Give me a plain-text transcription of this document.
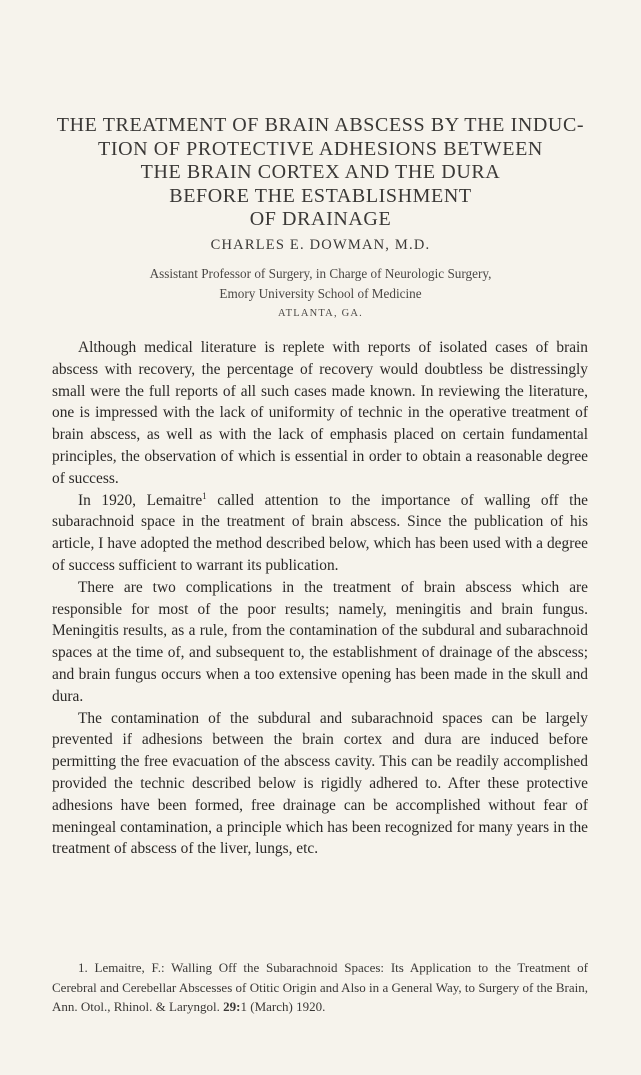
THE TREATMENT OF BRAIN ABSCESS BY THE INDUC-
TION OF PROTECTIVE ADHESIONS BETWEEN
THE BRAIN CORTEX AND THE DURA
BEFORE THE ESTABLISHMENT
OF DRAINAGE
CHARLES E. DOWMAN, M.D.
Assistant Professor of Surgery, in Charge of Neurologic Surgery,
Emory University School of Medicine
ATLANTA, GA.

Although medical literature is replete with reports of isolated cases of brain abscess with recovery, the percentage of recovery would doubtless be distressingly small were the full reports of all such cases made known. In reviewing the literature, one is impressed with the lack of uniformity of technic in the operative treatment of brain abscess, as well as with the lack of emphasis placed on certain fundamental principles, the observation of which is essential in order to obtain a reasonable degree of success.

In 1920, Lemaitre$^1$ called attention to the importance of walling off the subarachnoid space in the treatment of brain abscess. Since the publication of his article, I have adopted the method described below, which has been used with a degree of success sufficient to warrant its publication.

There are two complications in the treatment of brain abscess which are responsible for most of the poor results; namely, meningitis and brain fungus. Meningitis results, as a rule, from the contamination of the subdural and subarachnoid spaces at the time of, and subsequent to, the establishment of drainage of the abscess; and brain fungus occurs when a too extensive opening has been made in the skull and dura.

The contamination of the subdural and subarachnoid spaces can be largely prevented if adhesions between the brain cortex and dura are induced before permitting the free evacuation of the abscess cavity. This can be readily accomplished provided the technic described below is rigidly adhered to. After these protective adhesions have been formed, free drainage can be accomplished without fear of meningeal contamination, a principle which has been recognized for many years in the treatment of abscess of the liver, lungs, etc.

1. Lemaitre, F.: Walling Off the Subarachnoid Spaces: Its Application to the Treatment of Cerebral and Cerebellar Abscesses of Otitic Origin and Also in a General Way, to Surgery of the Brain, Ann. Otol., Rhinol. & Laryngol. 29:1 (March) 1920.
